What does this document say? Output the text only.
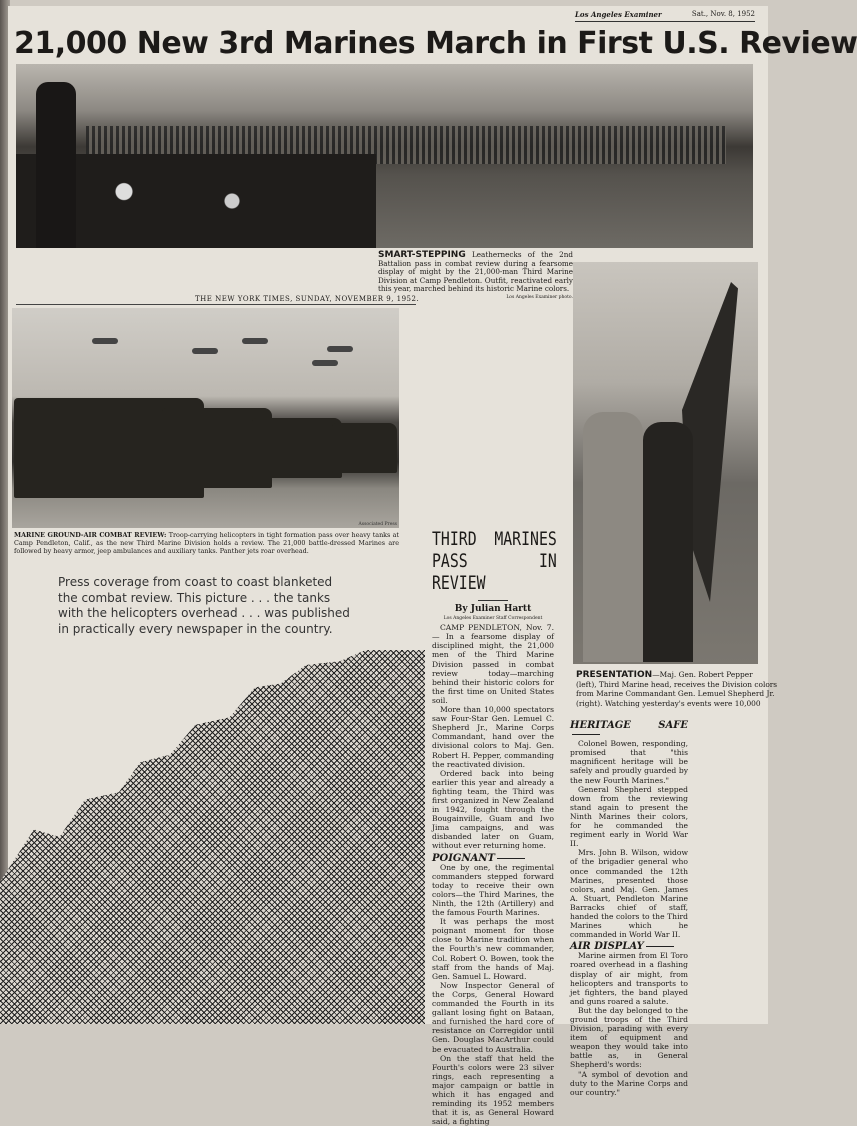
Los Angeles Examiner	Sat., Nov. 8, 1952
21,000 New 3rd Marines March in First U.S. Review
SMART-STEPPING Leathernecks of the 2nd Battalion pass in combat review during a fearsome display of might by the 21,000-man Third Marine Division at Camp Pendleton. Outfit, reactivated early this year, marched behind its historic Marine colors.
Los Angeles Examiner photo.
THE NEW YORK TIMES, SUNDAY, NOVEMBER 9, 1952.
Associated Press
MARINE GROUND-AIR COMBAT REVIEW: Troop-carrying helicopters in tight formation pass over heavy tanks at Camp Pendleton, Calif., as the new Third Marine Division holds a review. The 21,000 battle-dressed Marines are followed by heavy armor, jeep ambulances and auxiliary tanks. Panther jets roar overhead.
Press coverage from coast to coast blanketed the combat review. This picture . . . the tanks with the helicopters overhead . . . was published in practically every newspaper in the country.
THIRD MARINES PASS IN REVIEW
By Julian Hartt
Los Angeles Examiner Staff Correspondent

CAMP PENDLETON, Nov. 7. — In a fearsome display of disciplined might, the 21,000 men of the Third Marine Division passed in combat review today—marching behind their historic colors for the first time on United States soil.

More than 10,000 spectators saw Four-Star Gen. Lemuel C. Shepherd Jr., Marine Corps Commandant, hand over the divisional colors to Maj. Gen. Robert H. Pepper, commanding the reactivated division.

Ordered back into being earlier this year and already a fighting team, the Third was first organized in New Zealand in 1942, fought through the Bougainville, Guam and Iwo Jima campaigns, and was disbanded later on Guam, without ever returning home.

POIGNANT

One by one, the regimental commanders stepped forward today to receive their own colors—the Third Marines, the Ninth, the 12th (Artillery) and the famous Fourth Marines.

It was perhaps the most poignant moment for those close to Marine tradition when the Fourth's new commander, Col. Robert O. Bowen, took the staff from the hands of Maj. Gen. Samuel L. Howard.

Now Inspector General of the Corps, General Howard commanded the Fourth in its gallant losing fight on Bataan, and furnished the hard core of resistance on Corregidor until Gen. Douglas MacArthur could be evacuated to Australia.

On the staff that held the Fourth's colors were 23 silver rings, each representing a major campaign or battle in which it has engaged and reminding its 1952 members that it is, as General Howard said, a fighting

PRESENTATION—Maj. Gen. Robert Pepper
(left), Third Marine head, receives the Division colors
from Marine Commandant Gen. Lemuel Shepherd Jr.
(right). Watching yesterday's events were 10,000

HERITAGE SAFE

Colonel Bowen, responding, promised that "this magnificent heritage will be safely and proudly guarded by the new Fourth Marines."

General Shepherd stepped down from the reviewing stand again to present the Ninth Marines their colors, for he commanded the regiment early in World War II.

Mrs. John B. Wilson, widow of the brigadier general who once commanded the 12th Marines, presented those colors, and Maj. Gen. James A. Stuart, Pendleton Marine Barracks chief of staff, handed the colors to the Third Marines which he commanded in World War II.

AIR DISPLAY

Marine airmen from El Toro roared overhead in a flashing display of air might, from helicopters and transports to jet fighters, the band played and guns roared a salute.

But the day belonged to the ground troops of the Third Division, parading with every item of equipment and weapon they would take into battle as, in General Shepherd's words:

"A symbol of devotion and duty to the Marine Corps and our country."
